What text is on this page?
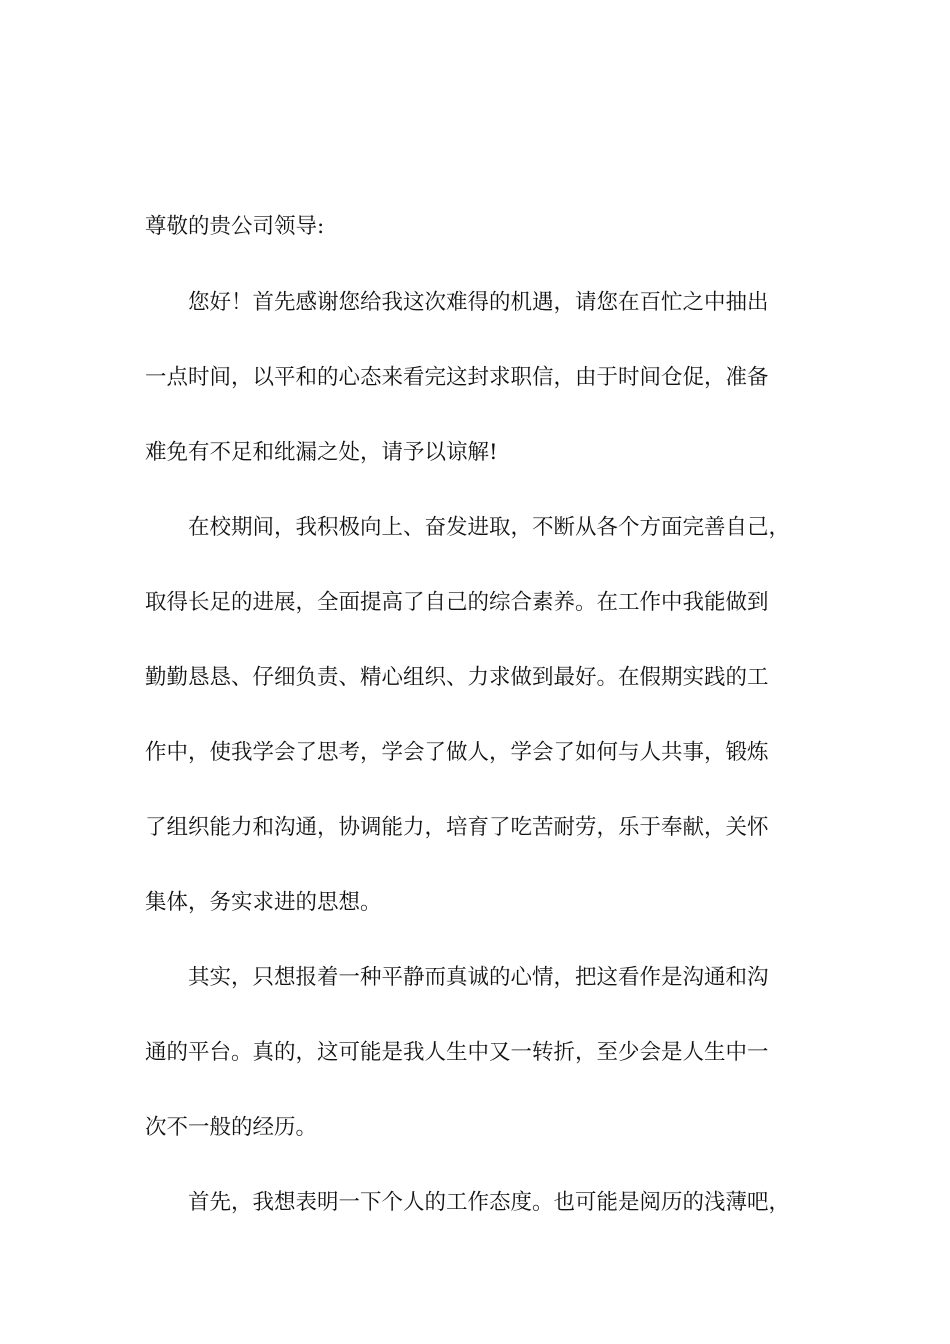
尊敬的贵公司领导:
您好！首先感谢您给我这次难得的机遇，请您在百忙之中抽出
一点时间，以平和的心态来看完这封求职信，由于时间仓促，准备
难免有不足和纰漏之处，请予以谅解!
在校期间，我积极向上、奋发进取，不断从各个方面完善自己，
取得长足的进展，全面提高了自己的综合素养。在工作中我能做到
勤勤恳恳、仔细负责、精心组织、力求做到最好。在假期实践的工
作中，使我学会了思考，学会了做人，学会了如何与人共事，锻炼
了组织能力和沟通，协调能力，培育了吃苦耐劳，乐于奉献，关怀
集体，务实求进的思想。
其实，只想报着一种平静而真诚的心情，把这看作是沟通和沟
通的平台。真的，这可能是我人生中又一转折，至少会是人生中一
次不一般的经历。
首先，我想表明一下个人的工作态度。也可能是阅历的浅薄吧，
